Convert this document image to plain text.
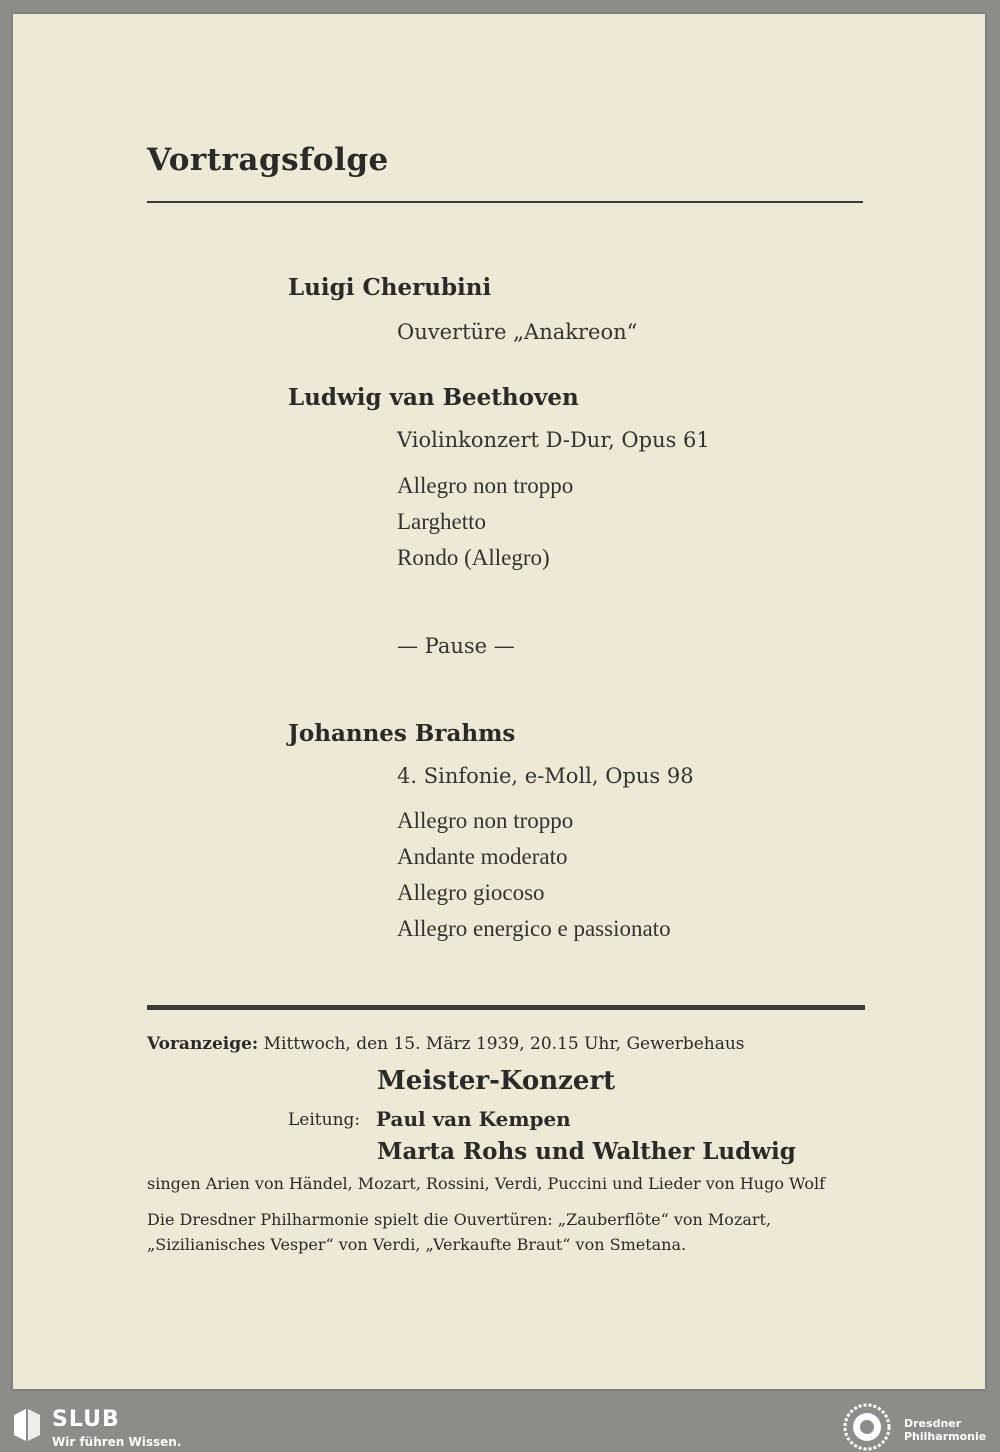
Vortragsfolge
Luigi Cherubini
Ouvertüre „Anakreon“
Ludwig van Beethoven
Violinkonzert D-Dur, Opus 61
Allegro non troppo
Larghetto
Rondo (Allegro)
— Pause —
Johannes Brahms
4. Sinfonie, e-Moll, Opus 98
Allegro non troppo
Andante moderato
Allegro giocoso
Allegro energico e passionato
Voranzeige: Mittwoch, den 15. März 1939, 20.15 Uhr, Gewerbehaus
Meister-Konzert
Leitung: Paul van Kempen
Marta Rohs und Walther Ludwig
singen Arien von Händel, Mozart, Rossini, Verdi, Puccini und Lieder von Hugo Wolf
Die Dresdner Philharmonie spielt die Ouvertüren: „Zauberflöte“ von Mozart,
„Sizilianisches Vesper“ von Verdi, „Verkaufte Braut“ von Smetana.
SLUB
Wir führen Wissen.
Dresdner
Philharmonie
